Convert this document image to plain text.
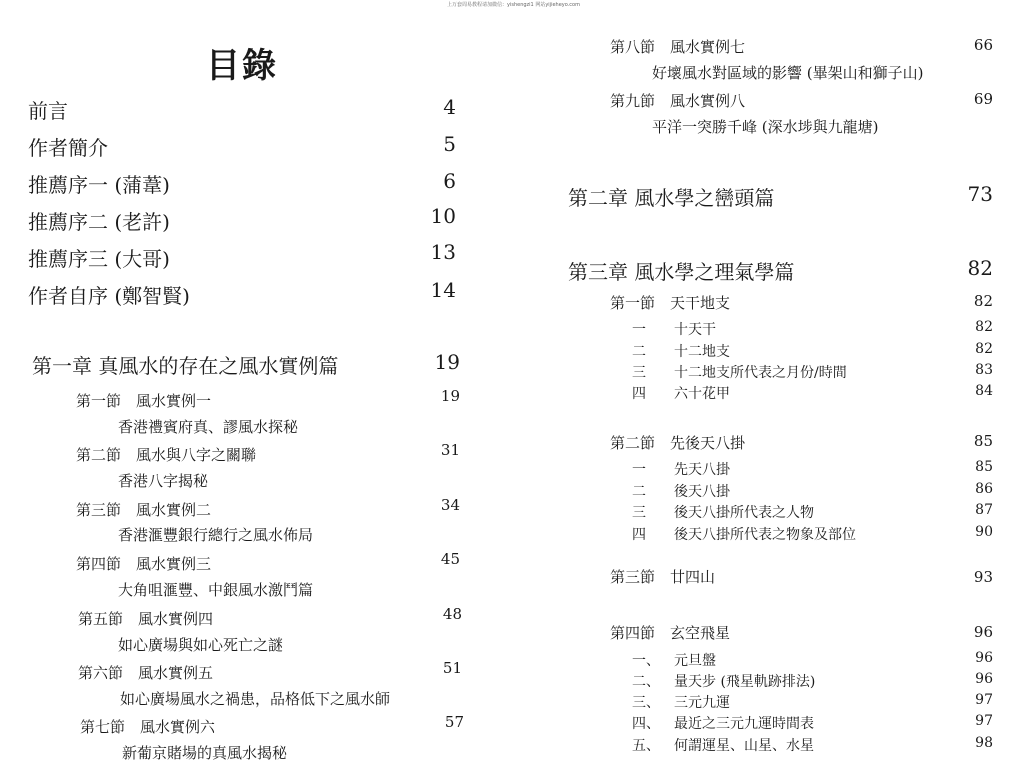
上万套周易教程请加微信：yishengzi1 网站yijieheyo.com
目錄
前言	4
作者簡介	5
推薦序一 (蒲葦)	6
推薦序二 (老許)	10
推薦序三 (大哥)	13
作者自序 (鄭智賢)	14
第一章 真風水的存在之風水實例篇	19
第一節　風水實例一	19
香港禮賓府真、謬風水探秘
第二節　風水與八字之關聯	31
香港八字揭秘
第三節　風水實例二	34
香港滙豐銀行總行之風水佈局
第四節　風水實例三	45
大角咀滙豐、中銀風水激鬥篇
第五節　風水實例四	48
如心廣場與如心死亡之謎
第六節　風水實例五	51
如心廣場風水之禍患，品格低下之風水師
第七節　風水實例六	57
新葡京賭場的真風水揭秘
第八節　風水實例七	66
好壞風水對區域的影響 (畢架山和獅子山)
第九節　風水實例八	69
平洋一突勝千峰 (深水埗與九龍塘)
第二章 風水學之巒頭篇	73
第三章 風水學之理氣學篇	82
第一節　天干地支	82
一 十天干	82
二 十二地支	82
三 十二地支所代表之月份/時間	83
四 六十花甲	84
第二節　先後天八掛	85
一 先天八掛	85
二 後天八掛	86
三 後天八掛所代表之人物	87
四 後天八掛所代表之物象及部位	90
第三節　廿四山	93
第四節　玄空飛星	96
一、 元旦盤	96
二、 量天步 (飛星軌跡排法)	96
三、 三元九運	97
四、 最近之三元九運時間表	97
五、 何謂運星、山星、水星	98
